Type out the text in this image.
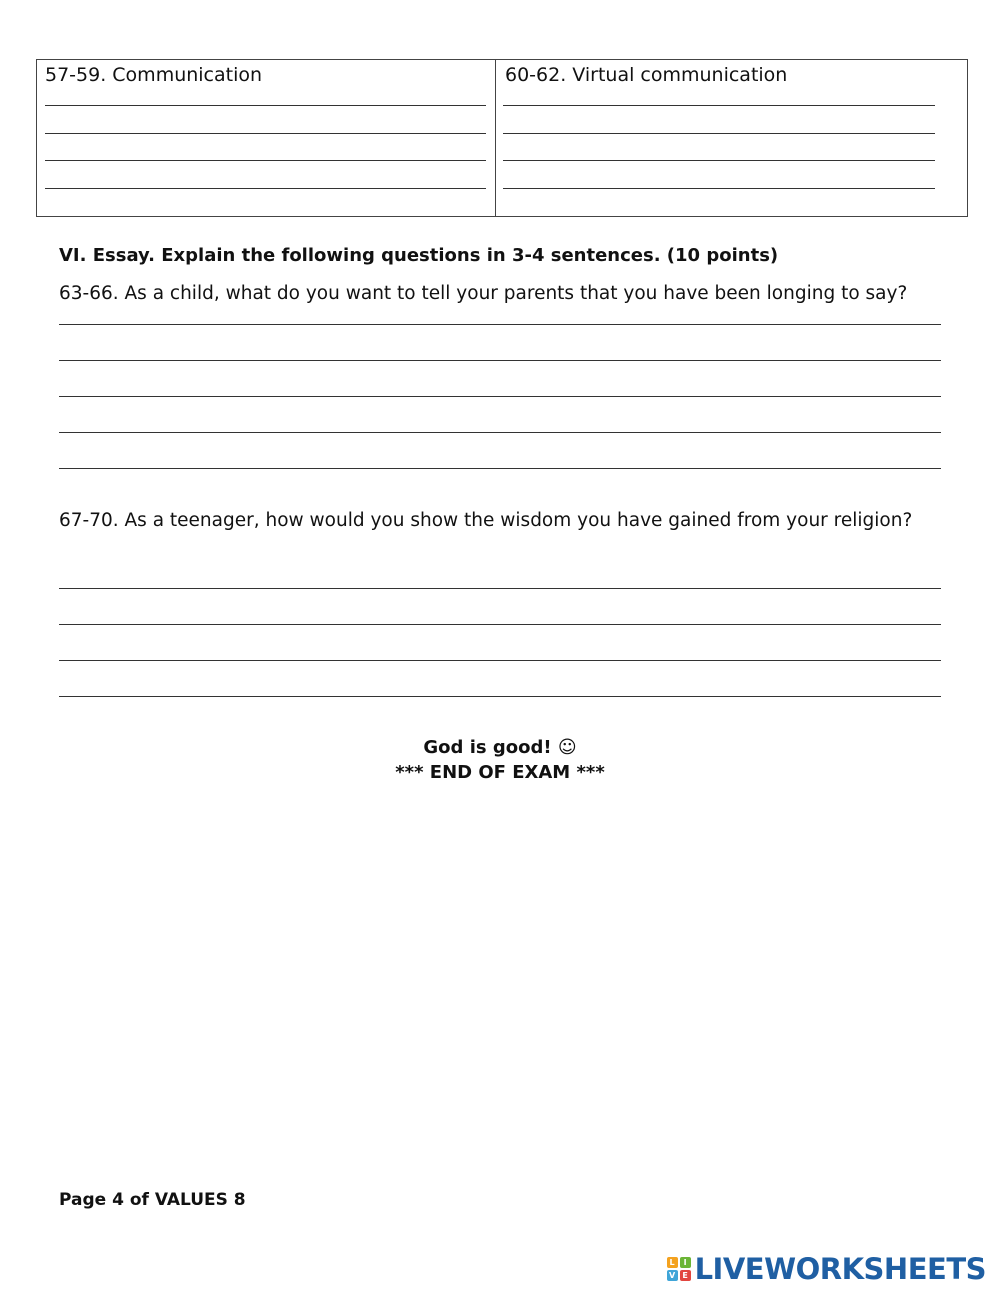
57-59. Communication	60-62. Virtual communication
VI. Essay. Explain the following questions in 3-4 sentences. (10 points)
63-66. As a child, what do you want to tell your parents that you have been longing to say?
67-70. As a teenager, how would you show the wisdom you have gained from your religion?
God is good! ☺
*** END OF EXAM ***
Page 4 of VALUES 8
L	I
V E LIVEWORKSHEETS
